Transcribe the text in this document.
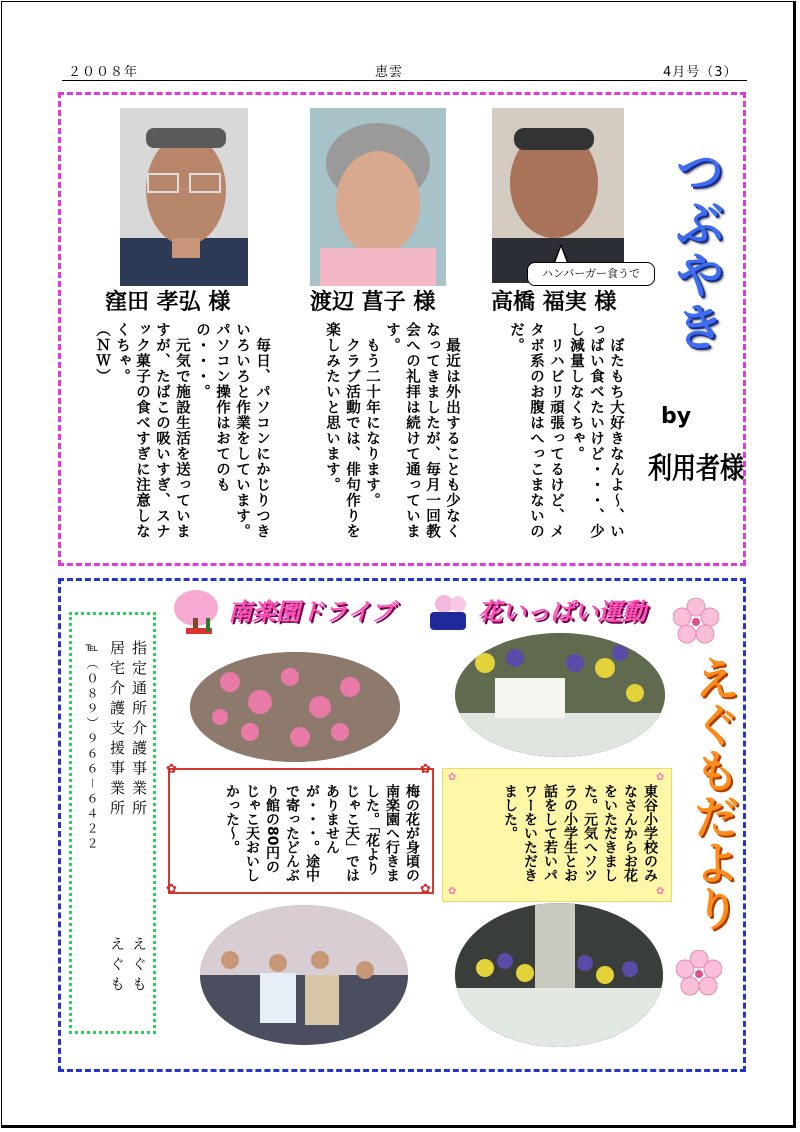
２００８年	恵雲	4月号（3）
ハンバーガー食うで
窪田 孝弘 様	渡辺 菖子 様	高橋 福実 様
　毎日、パソコンにかじりつきいろいろと作業をしています。パソコン操作はおてのもの・・・。
　元気で施設生活を送っていますが、たばこの吸いすぎ、スナック菓子の食べすぎに注意しなくちゃ。
（ＮＷ）	　最近は外出することも少なくなってきましたが、毎月一回教会への礼拝は続けて通っています。
　もう二十年になります。
　クラブ活動では、俳句作りを楽しみたいと思います。	　ぼたもち大好きなんよ～、いっぱい食べたいけど・・・、少し減量しなくちゃ。
　リハビリ頑張ってるけど、メタボ系のお腹はへっこまないのだ。	つぶやき
by
利用者様
南楽園ドライブ	花いっぱい運動
えぐもだより
指定通所介護事業所
居宅介護支援事業所
えぐも
えぐも
℡（０８９）９６６－６４２２	✿	✿
✿	✿
梅の花が身頃の南楽園へ行きました。「花よりじゃこ天」ではありませんが・・・。途中で寄ったどんぶり館の80円のじゃこ天おいしかった～。
✿	✿
✿	✿
東谷小学校のみなさんからお花をいただきました。元気へソツラの小学生とお話をして若いパワーをいただきました。
